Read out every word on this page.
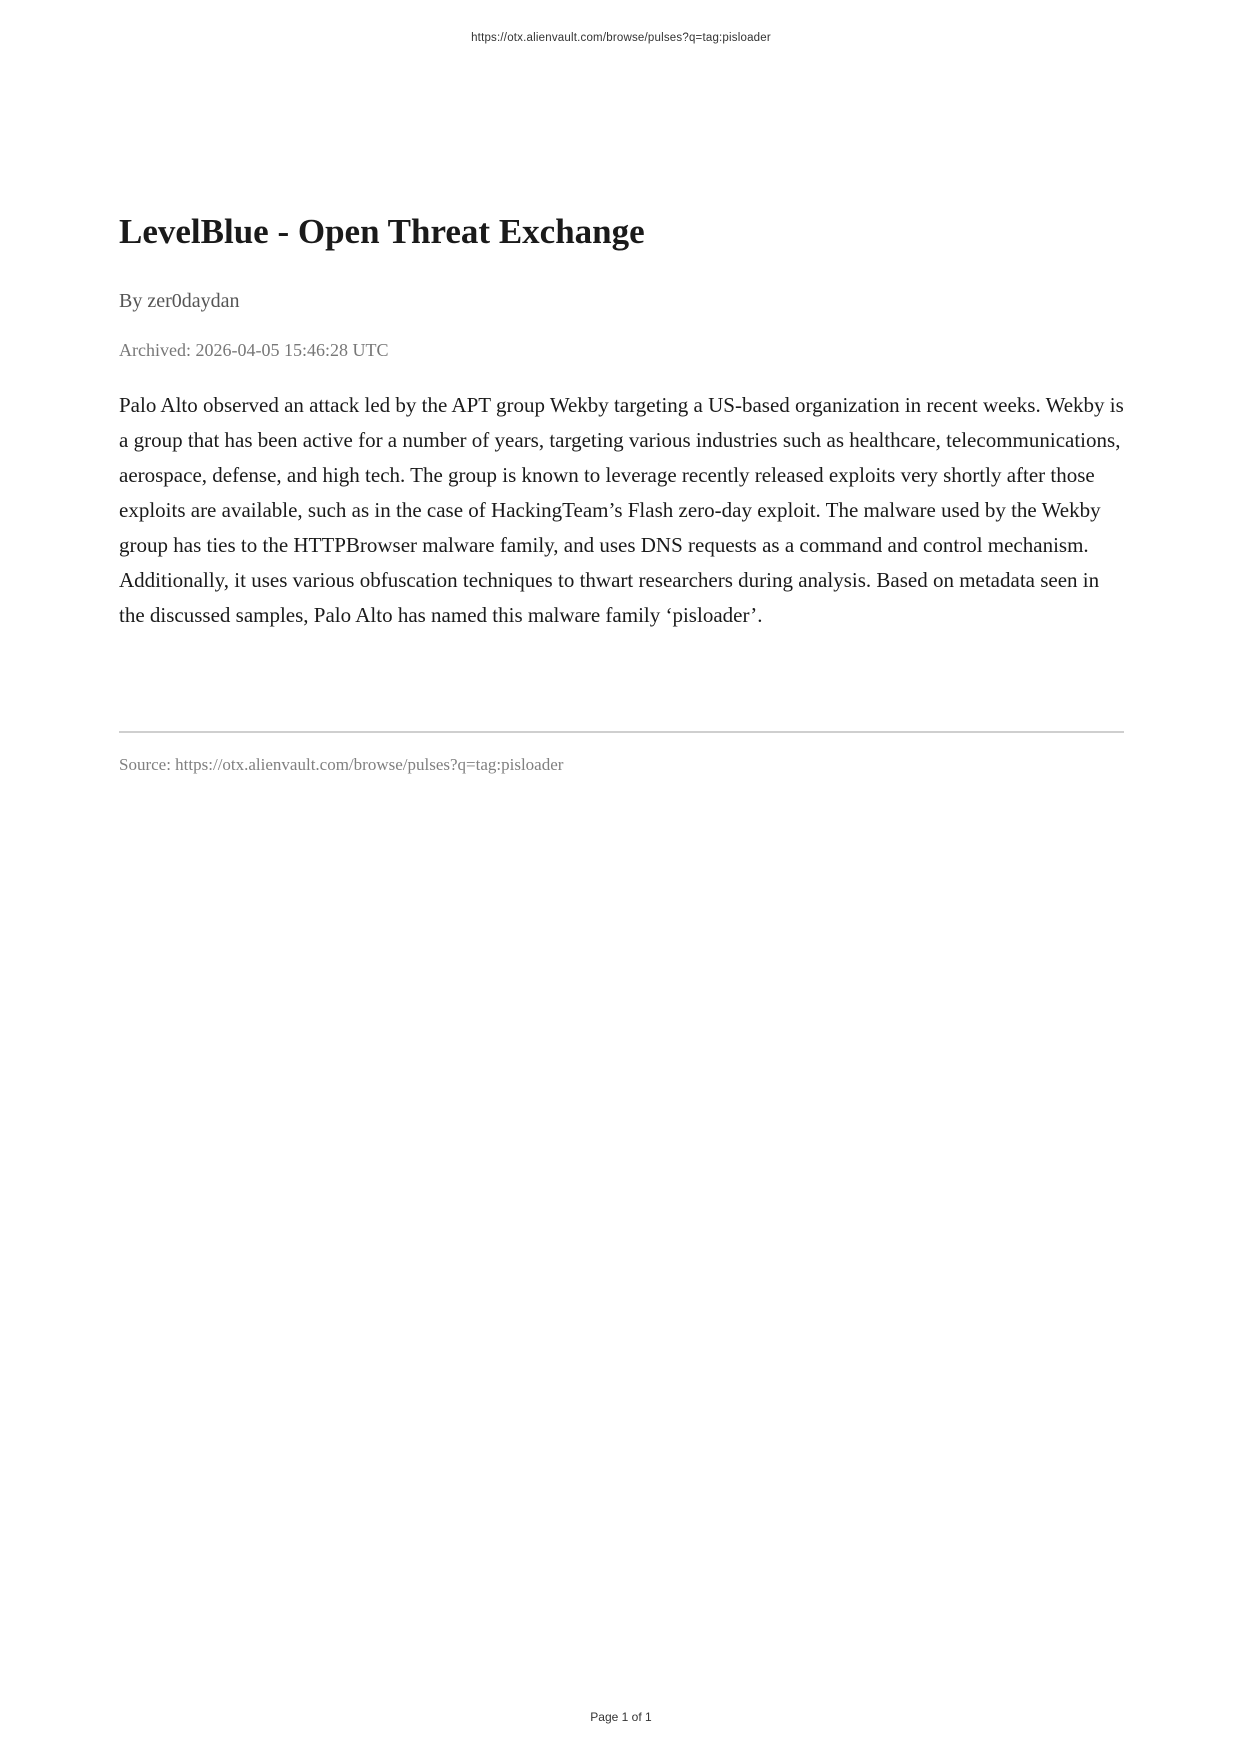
https://otx.alienvault.com/browse/pulses?q=tag:pisloader
LevelBlue - Open Threat Exchange
By zer0daydan
Archived: 2026-04-05 15:46:28 UTC

Palo Alto observed an attack led by the APT group Wekby targeting a US-based organization in recent weeks. Wekby is a group that has been active for a number of years, targeting various industries such as healthcare, telecommunications, aerospace, defense, and high tech. The group is known to leverage recently released exploits very shortly after those exploits are available, such as in the case of HackingTeam’s Flash zero-day exploit. The malware used by the Wekby group has ties to the HTTPBrowser malware family, and uses DNS requests as a command and control mechanism. Additionally, it uses various obfuscation techniques to thwart researchers during analysis. Based on metadata seen in the discussed samples, Palo Alto has named this malware family ‘pisloader’.

Source: https://otx.alienvault.com/browse/pulses?q=tag:pisloader
Page 1 of 1
